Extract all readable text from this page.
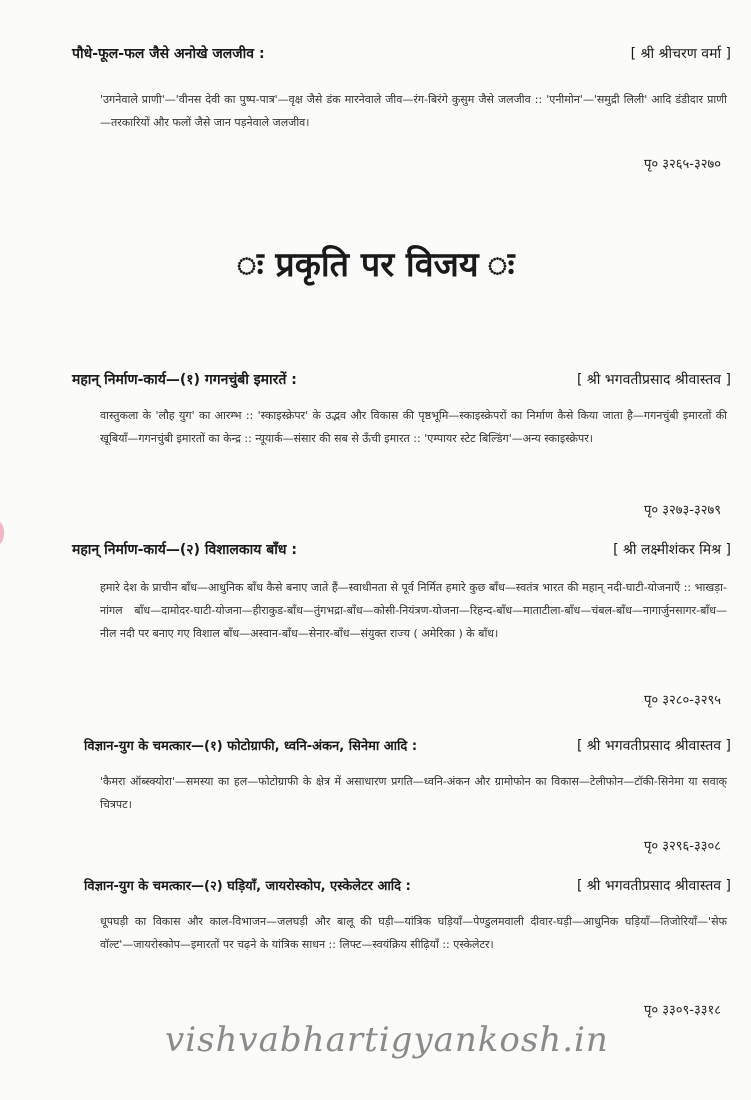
पौधे-फूल-फल जैसे अनोखे जलजीव :	[ श्री श्रीचरण वर्मा ]
'उगनेवाले प्राणी'—'वीनस देवी का पुष्प-पात्र'—वृक्ष जैसे डंक मारनेवाले जीव—रंग-बिरंगे कुसुम जैसे जलजीव :: 'एनीमोन'—'समुद्री लिली' आदि डंडीदार प्राणी—तरकारियों और फलों जैसे जान पड़नेवाले जलजीव।
पृ० ३२६५-३२७०
ः प्रकृति पर विजय ः
महान् निर्माण-कार्य—(१) गगनचुंबी इमारतें :	[ श्री भगवतीप्रसाद श्रीवास्तव ]
वास्तुकला के 'लौह युग' का आरम्भ :: 'स्काइस्क्रेपर' के उद्भव और विकास की पृष्ठभूमि—स्काइस्क्रेपरों का निर्माण कैसे किया जाता है—गगनचुंबी इमारतों की खूबियाँ—गगनचुंबी इमारतों का केन्द्र :: न्यूयार्क—संसार की सब से ऊँची इमारत :: 'एम्पायर स्टेट बिल्डिंग'—अन्य स्काइस्क्रेपर।
पृ० ३२७३-३२७९
महान् निर्माण-कार्य—(२) विशालकाय बाँध :	[ श्री लक्ष्मीशंकर मिश्र ]
हमारे देश के प्राचीन बाँध—आधुनिक बाँध कैसे बनाए जाते हैं—स्वाधीनता से पूर्व निर्मित हमारे कुछ बाँध—स्वतंत्र भारत की महान् नदी-घाटी-योजनाएँ :: भाखड़ा-नांगल बाँध—दामोदर-घाटी-योजना—हीराकुड-बाँध—तुंगभद्रा-बाँध—कोसी-नियंत्रण-योजना—रिहन्द-बाँध—माताटीला-बाँध—चंबल-बाँध—नागार्जुनसागर-बाँध—नील नदी पर बनाए गए विशाल बाँध—अस्वान-बाँध—सेनार-बाँध—संयुक्त राज्य ( अमेरिका ) के बाँध।
पृ० ३२८०-३२९५
विज्ञान-युग के चमत्कार—(१) फोटोग्राफी, ध्वनि-अंकन, सिनेमा आदि :	[ श्री भगवतीप्रसाद श्रीवास्तव ]
'कैमरा ऑब्स्क्योरा'—समस्या का हल—फोटोग्राफी के क्षेत्र में असाधारण प्रगति—ध्वनि-अंकन और ग्रामोफोन का विकास—टेलीफोन—टॉकी-सिनेमा या सवाक् चित्रपट।
पृ० ३२९६-३३०८
विज्ञान-युग के चमत्कार—(२) घड़ियाँ, जायरोस्कोप, एस्केलेटर आदि :	[ श्री भगवतीप्रसाद श्रीवास्तव ]
धूपघड़ी का विकास और काल-विभाजन—जलघड़ी और बालू की घड़ी—यांत्रिक घड़ियाँ—पेण्डुलमवाली दीवार-घड़ी—आधुनिक घड़ियाँ—तिजोरियाँ—'सेफ वॉल्ट'—जायरोस्कोप—इमारतों पर चढ़ने के यांत्रिक साधन :: लिफ्ट—स्वयंक्रिय सीढ़ियाँ :: एस्केलेटर।
पृ० ३३०९-३३१८
vishvabhartigyankosh.in
